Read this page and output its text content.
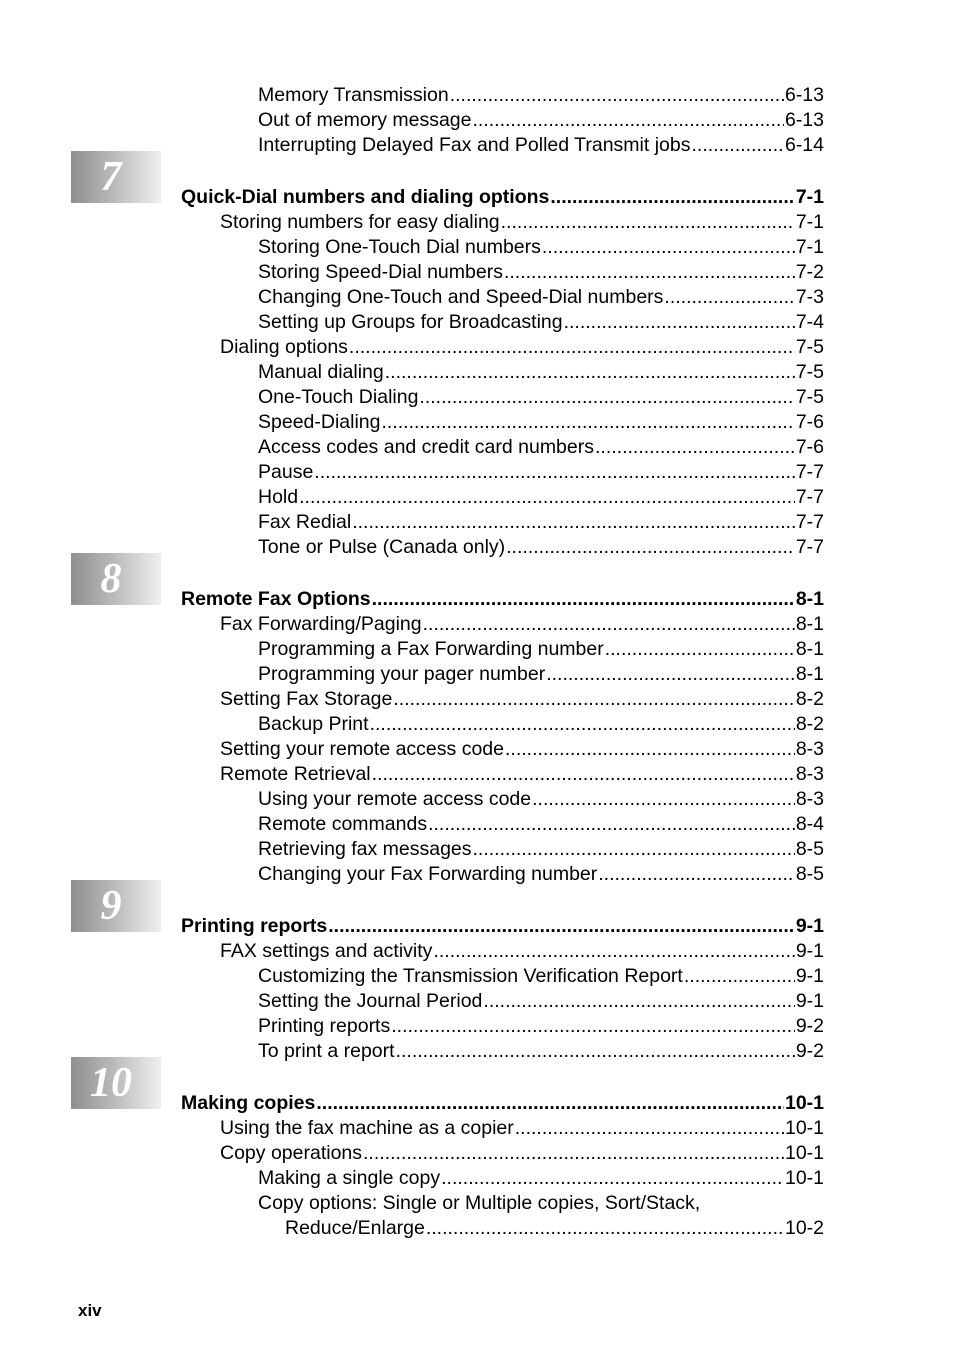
Memory Transmission .....	6-13
Out of memory message .....	6-13
Interrupting Delayed Fax and Polled Transmit jobs .....	6-14
Quick-Dial numbers and dialing options .....	7-1
7
Storing numbers for easy dialing .....	7-1
Storing One-Touch Dial numbers .....	7-1
Storing Speed-Dial numbers .....	7-2
Changing One-Touch and Speed-Dial numbers .....	7-3
Setting up Groups for Broadcasting .....	7-4
Dialing options .....	7-5
Manual dialing .....	7-5
One-Touch Dialing .....	7-5
Speed-Dialing .....	7-6
Access codes and credit card numbers .....	7-6
Pause .....	7-7
Hold .....	7-7
Fax Redial .....	7-7
Tone or Pulse (Canada only) .....	7-7
Remote Fax Options .....	8-1
8
Fax Forwarding/Paging .....	8-1
Programming a Fax Forwarding number .....	8-1
Programming your pager number .....	8-1
Setting Fax Storage .....	8-2
Backup Print .....	8-2
Setting your remote access code .....	8-3
Remote Retrieval .....	8-3
Using your remote access code .....	8-3
Remote commands .....	8-4
Retrieving fax messages .....	8-5
Changing your Fax Forwarding number .....	8-5
Printing reports .....	9-1
9
FAX settings and activity .....	9-1
Customizing the Transmission Verification Report .....	9-1
Setting the Journal Period .....	9-1
Printing reports .....	9-2
To print a report .....	9-2
Making copies .....	10-1
10
Using the fax machine as a copier .....	10-1
Copy operations .....	10-1
Making a single copy .....	10-1
Copy options: Single or Multiple copies, Sort/Stack,
Reduce/Enlarge .....	10-2
xiv
